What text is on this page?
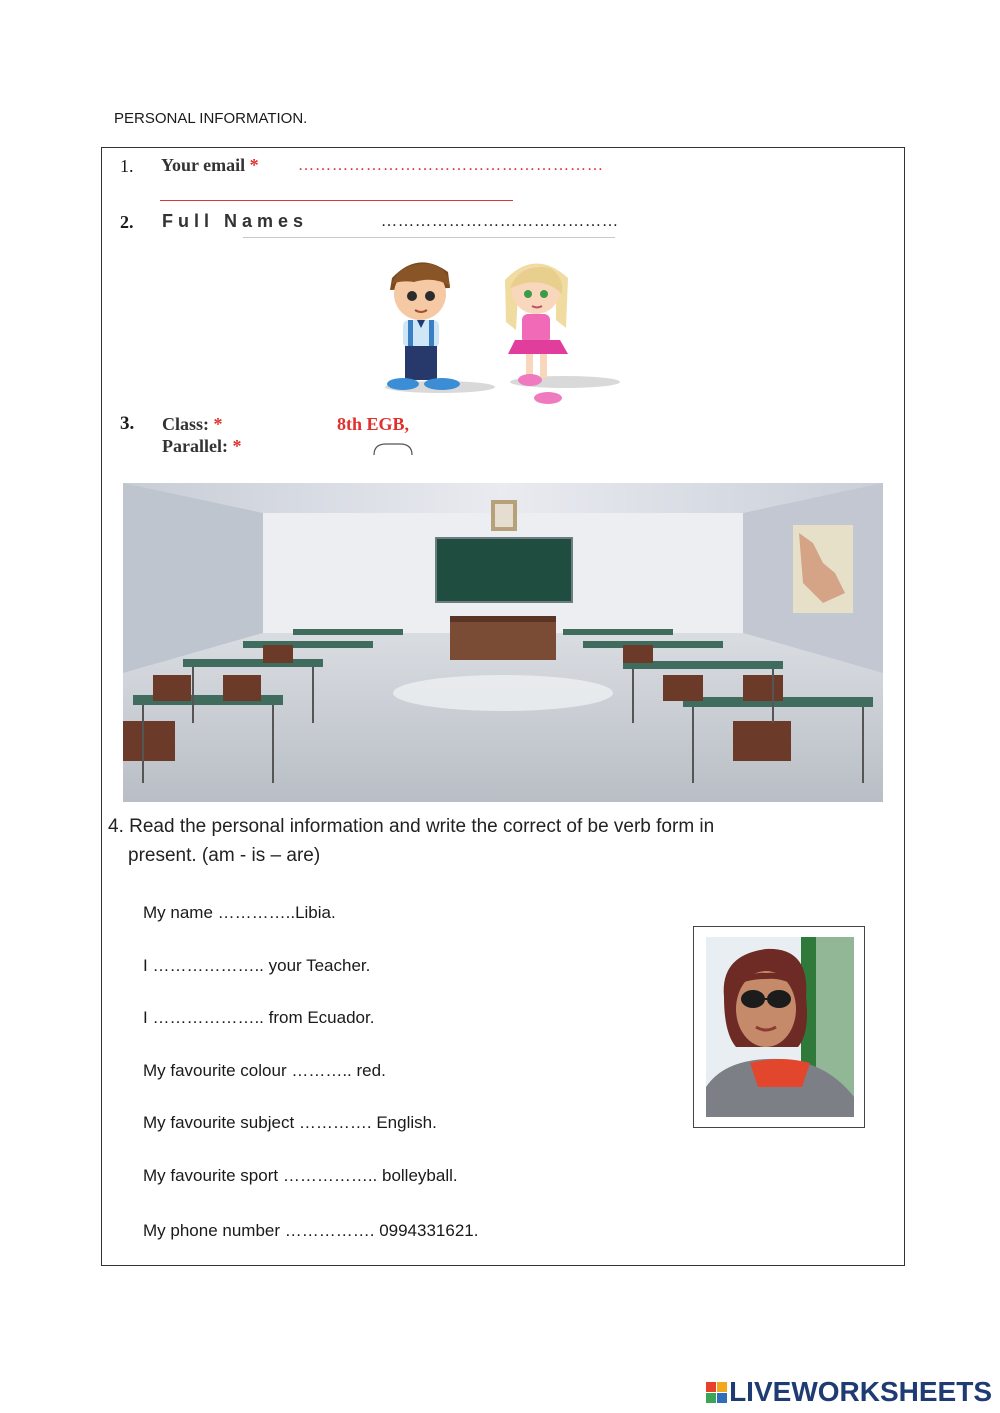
PERSONAL INFORMATION.
1. Your email * ………………………………………………
2. Full Names	……………………………………
3. Class: *	8th EGB,
Parallel: *
4. Read the personal information and write the correct of be verb form in
present. (am - is – are)
My name …………..Libia.
I ……………….. your Teacher.
I ……………….. from Ecuador.
My favourite colour ……….. red.
My favourite subject …………. English.
My favourite sport …………….. bolleyball.
My phone number ……………. 0994331621.
LIVEWORKSHEETS
